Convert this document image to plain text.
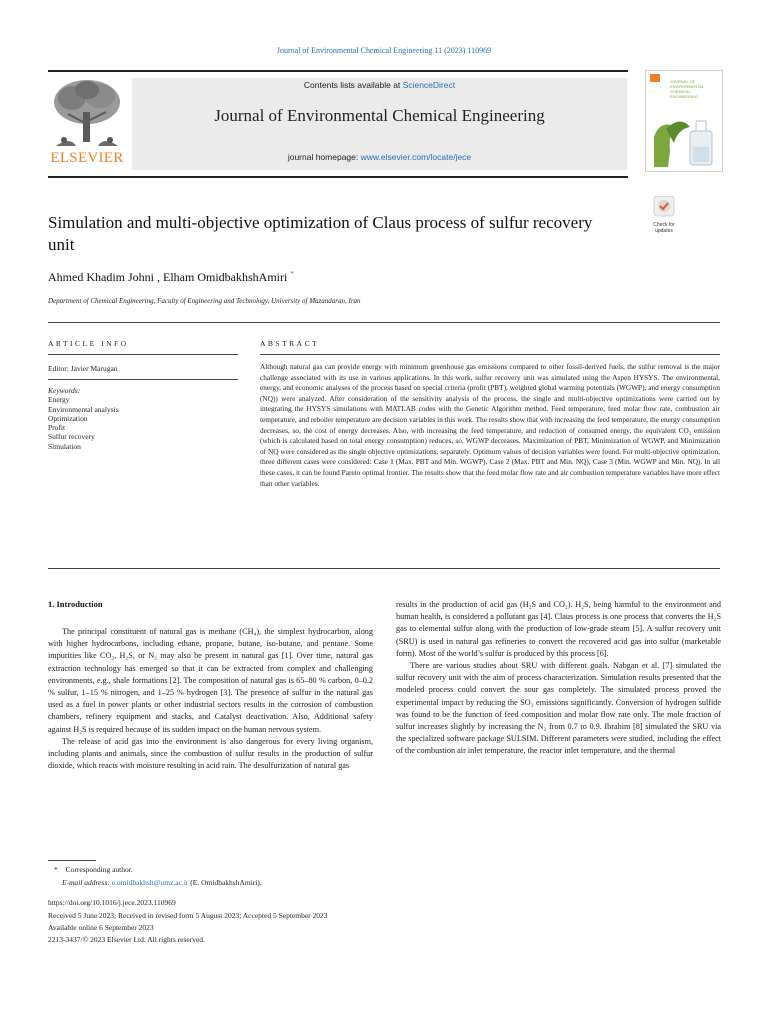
Journal of Environmental Chemical Engineering 11 (2023) 110969
ELSEVIER
Contents lists available at ScienceDirect
Journal of Environmental Chemical Engineering
journal homepage: www.elsevier.com/locate/jece
JOURNAL OF
ENVIRONMENTAL
CHEMICAL
ENGINEERING
Simulation and multi-objective optimization of Claus process of sulfur recovery unit
Check for updates
Ahmed Khadim Johni , Elham OmidbakhshAmiri *
Department of Chemical Engineering, Faculty of Engineering and Technology, University of Mazandaran, Iran
ARTICLE INFO	ABSTRACT
Editor: Javier Marugan
Keywords:
Energy
Environmental analysis
Optimization
Profit
Sulfur recovery
Simulation
Although natural gas can provide energy with minimum greenhouse gas emissions compared to other fossil-derived fuels, the sulfur removal is the major challenge associated with its use in various applications. In this work, sulfur recovery unit was simulated using the Aspen HYSYS. The environmental, energy, and economic analyses of the process based on special criteria (profit (PBT), weighted global warming potentials (WGWP), and energy consumption (NQ)) were analyzed. After consideration of the sensitivity analysis of the process, the single and multi-objective optimizations were carried out by integrating the HYSYS simulations with MATLAB codes with the Genetic Algorithm method. Feed temperature, feed molar flow rate, combustion air temperature, and reboiler temperature are decision variables in this work. The results show that with increasing the feed temperature, the energy consumption decreases, so, the cost of energy decreases. Also, with increasing the feed temperature, and reduction of consumed energy, the equivalent CO₂ emission (which is calculated based on total energy consumption) reduces, so, WGWP decreases. Maximization of PBT, Minimization of WGWP, and Minimization of NQ were considered as the single objective optimizations, separately. Optimum values of decision variables were found. For multi-objective optimization, three different cases were considered: Case 1 (Max. PBT and Min. WGWP), Case 2 (Max. PBT and Min. NQ), Case 3 (Min. WGWP and Min. NQ). In all these cases, it can be found Pareto optimal frontier. The results show that the feed molar flow rate and air combustion temperature variables have more effect than other variables.
1. Introduction

The principal constituent of natural gas is methane (CH₄), the simplest hydrocarbon, along with higher hydrocarbons, including ethane, propane, butane, iso-butane, and pentane. Some impurities like CO₂, H₂S, or N₂ may also be present in natural gas [1]. Over time, natural gas extraction technology has emerged so that it can be extracted from complex and challenging environments, e.g., shale formations [2]. The composition of natural gas is 65–80 % carbon, 0–0.2 % sulfur, 1–15 % nitrogen, and 1–25 % hydrogen [3]. The presence of sulfur in the natural gas used as a fuel in power plants or other industrial sectors results in the corrosion of combustion chambers, refinery equipment and stacks, and Catalyst deactivation. Also, Additional safety against H₂S is required because of its sudden impact on the human nervous system.

The release of acid gas into the environment is also dangerous for every living organism, including plants and animals, since the combustion of sulfur results in the production of sulfur dioxide, which reacts with moisture resulting in acid rain. The desulfurization of natural gas

results in the production of acid gas (H₂S and CO₂). H₂S, being harmful to the environment and human health, is considered a pollutant gas [4]. Claus process is one process that converts the H₂S gas to elemental sulfur along with the production of low-grade steam [5]. A sulfur recovery unit (SRU) is used in natural gas refineries to convert the recovered acid gas into sulfur (marketable form). Most of the world’s sulfur is produced by this process [6].

There are various studies about SRU with different goals. Nabgan et al. [7] simulated the sulfur recovery unit with the aim of process characterization. Simulation results presented that the modeled process could convert the sour gas completely. The simulated process proved the experimental impact by reducing the SO₂ emissions significantly. Conversion of hydrogen sulfide was found to be the function of feed composition and molar flow rate only. The mole fraction of sulfur increases slightly by increasing the N₂ from 0.7 to 0.9. Ibrahim [8] simulated the SRU via the specialized software package SULSIM. Different parameters were studied, including the effect of the combustion air inlet temperature, the reactor inlet temperature, and the thermal

* Corresponding author.
E-mail address: e.omidbakhsh@umz.ac.ir (E. OmidbakhshAmiri).
https://doi.org/10.1016/j.jece.2023.110969
Received 5 June 2023; Received in revised form 5 August 2023; Accepted 5 September 2023
Available online 6 September 2023
2213-3437/© 2023 Elsevier Ltd. All rights reserved.
